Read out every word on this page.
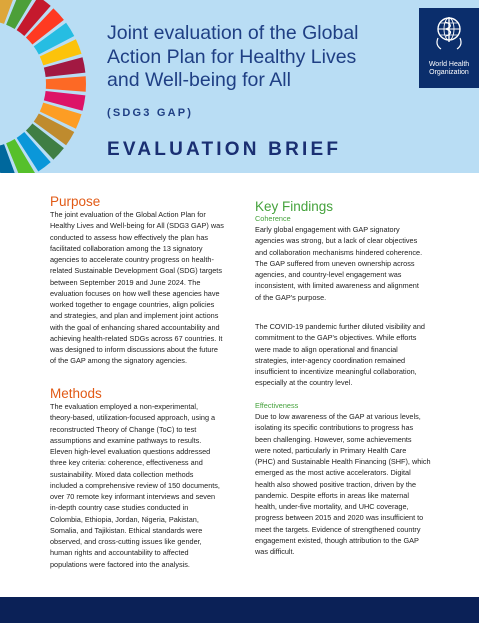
Joint evaluation of the Global
Action Plan for Healthy Lives
and Well-being for All
(SDG3 GAP)
EVALUATION BRIEF
World Health
Organization
Purpose

The joint evaluation of the Global Action Plan for
Healthy Lives and Well-being for All (SDG3 GAP) was
conducted to assess how effectively the plan has
facilitated collaboration among the 13 signatory
agencies to accelerate country progress on health-
related Sustainable Development Goal (SDG) targets
between September 2019 and June 2024. The
evaluation focuses on how well these agencies have
worked together to engage countries, align policies
and strategies, and plan and implement joint actions
with the goal of enhancing shared accountability and
achieving health-related SDGs across 67 countries. It
was designed to inform discussions about the future
of the GAP among the signatory agencies.

Methods

The evaluation employed a non-experimental,
theory-based, utilization-focused approach, using a
reconstructed Theory of Change (ToC) to test
assumptions and examine pathways to results.
Eleven high-level evaluation questions addressed
three key criteria: coherence, effectiveness and
sustainability. Mixed data collection methods
included a comprehensive review of 150 documents,
over 70 remote key informant interviews and seven
in-depth country case studies conducted in
Colombia, Ethiopia, Jordan, Nigeria, Pakistan,
Somalia, and Tajikistan. Ethical standards were
observed, and cross-cutting issues like gender,
human rights and accountability to affected
populations were factored into the analysis.

Key Findings
Coherence

Early global engagement with GAP signatory
agencies was strong, but a lack of clear objectives
and collaboration mechanisms hindered coherence.
The GAP suffered from uneven ownership across
agencies, and country-level engagement was
inconsistent, with limited awareness and alignment
of the GAP's purpose.

The COVID-19 pandemic further diluted visibility and
commitment to the GAP's objectives. While efforts
were made to align operational and financial
strategies, inter-agency coordination remained
insufficient to incentivize meaningful collaboration,
especially at the country level.

Effectiveness

Due to low awareness of the GAP at various levels,
isolating its specific contributions to progress has
been challenging. However, some achievements
were noted, particularly in Primary Health Care
(PHC) and Sustainable Health Financing (SHF), which
emerged as the most active accelerators. Digital
health also showed positive traction, driven by the
pandemic. Despite efforts in areas like maternal
health, under-five mortality, and UHC coverage,
progress between 2015 and 2020 was insufficient to
meet the targets. Evidence of strengthened country
engagement existed, though attribution to the GAP
was difficult.
